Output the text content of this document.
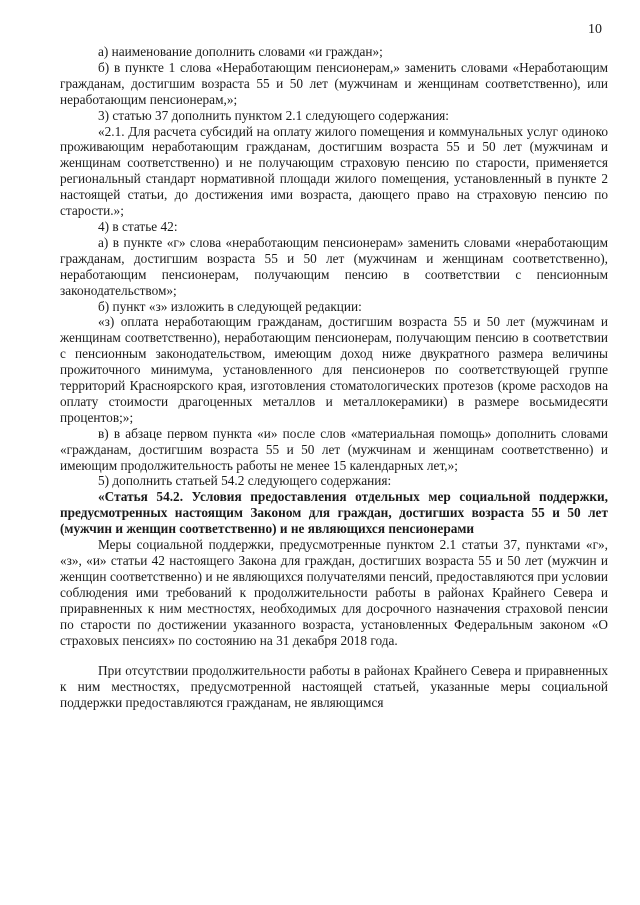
10

а) наименование дополнить словами «и граждан»;

б) в пункте 1 слова «Неработающим пенсионерам,» заменить словами «Неработающим гражданам, достигшим возраста 55 и 50 лет (мужчинам и женщинам соответственно), или неработающим пенсионерам,»;

3) статью 37 дополнить пунктом 2.1 следующего содержания:

«2.1. Для расчета субсидий на оплату жилого помещения и коммунальных услуг одиноко проживающим неработающим гражданам, достигшим возраста 55 и 50 лет (мужчинам и женщинам соответственно) и не получающим страховую пенсию по старости, применяется региональный стандарт нормативной площади жилого помещения, установленный в пункте 2 настоящей статьи, до достижения ими возраста, дающего право на страховую пенсию по старости.»;

4) в статье 42:

а) в пункте «г» слова «неработающим пенсионерам» заменить словами «неработающим гражданам, достигшим возраста 55 и 50 лет (мужчинам и женщинам соответственно), неработающим пенсионерам, получающим пенсию в соответствии с пенсионным законодательством»;

б) пункт «з» изложить в следующей редакции:

«з) оплата неработающим гражданам, достигшим возраста 55 и 50 лет (мужчинам и женщинам соответственно), неработающим пенсионерам, получающим пенсию в соответствии с пенсионным законодательством, имеющим доход ниже двукратного размера величины прожиточного минимума, установленного для пенсионеров по соответствующей группе территорий Красноярского края, изготовления стоматологических протезов (кроме расходов на оплату стоимости драгоценных металлов и металлокерамики) в размере восьмидесяти процентов;»;

в) в абзаце первом пункта «и» после слов «материальная помощь» дополнить словами «гражданам, достигшим возраста 55 и 50 лет (мужчинам и женщинам соответственно) и имеющим продолжительность работы не менее 15 календарных лет,»;

5) дополнить статьей 54.2 следующего содержания:

«Статья 54.2. Условия предоставления отдельных мер социальной поддержки, предусмотренных настоящим Законом для граждан, достигших возраста 55 и 50 лет (мужчин и женщин соответственно) и не являющихся пенсионерами

Меры социальной поддержки, предусмотренные пунктом 2.1 статьи 37, пунктами «г», «з», «и» статьи 42 настоящего Закона для граждан, достигших возраста 55 и 50 лет (мужчин и женщин соответственно) и не являющихся получателями пенсий, предоставляются при условии соблюдения ими требований к продолжительности работы в районах Крайнего Севера и приравненных к ним местностях, необходимых для досрочного назначения страховой пенсии по старости по достижении указанного возраста, установленных Федеральным законом «О страховых пенсиях» по состоянию на 31 декабря 2018 года.

При отсутствии продолжительности работы в районах Крайнего Севера и приравненных к ним местностях, предусмотренной настоящей статьей, указанные меры социальной поддержки предоставляются гражданам, не являющимся
